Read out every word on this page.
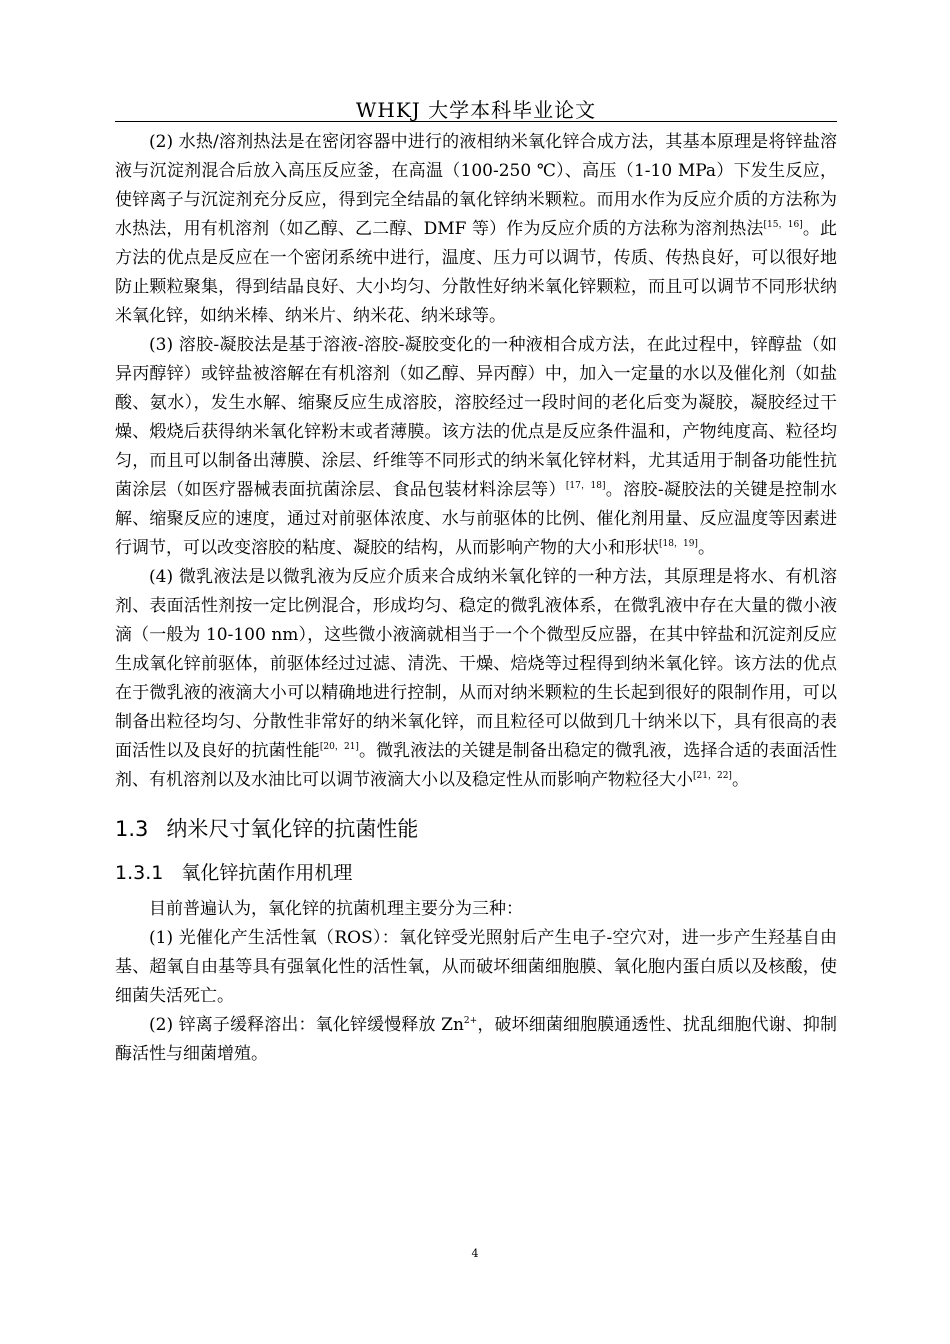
WHKJ 大学本科毕业论文

(2) 水热/溶剂热法是在密闭容器中进行的液相纳米氧化锌合成方法，其基本原理是将锌盐溶液与沉淀剂混合后放入高压反应釜，在高温（100-250 ℃）、高压（1-10 MPa）下发生反应，使锌离子与沉淀剂充分反应，得到完全结晶的氧化锌纳米颗粒。而用水作为反应介质的方法称为水热法，用有机溶剂（如乙醇、乙二醇、DMF 等）作为反应介质的方法称为溶剂热法[15，16]。此方法的优点是反应在一个密闭系统中进行，温度、压力可以调节，传质、传热良好，可以很好地防止颗粒聚集，得到结晶良好、大小均匀、分散性好纳米氧化锌颗粒，而且可以调节不同形状纳米氧化锌，如纳米棒、纳米片、纳米花、纳米球等。

(3) 溶胶-凝胶法是基于溶液-溶胶-凝胶变化的一种液相合成方法，在此过程中，锌醇盐（如异丙醇锌）或锌盐被溶解在有机溶剂（如乙醇、异丙醇）中，加入一定量的水以及催化剂（如盐酸、氨水），发生水解、缩聚反应生成溶胶，溶胶经过一段时间的老化后变为凝胶，凝胶经过干燥、煅烧后获得纳米氧化锌粉末或者薄膜。该方法的优点是反应条件温和，产物纯度高、粒径均匀，而且可以制备出薄膜、涂层、纤维等不同形式的纳米氧化锌材料，尤其适用于制备功能性抗菌涂层（如医疗器械表面抗菌涂层、食品包装材料涂层等）[17，18]。溶胶-凝胶法的关键是控制水解、缩聚反应的速度，通过对前驱体浓度、水与前驱体的比例、催化剂用量、反应温度等因素进行调节，可以改变溶胶的粘度、凝胶的结构，从而影响产物的大小和形状[18，19]。

(4) 微乳液法是以微乳液为反应介质来合成纳米氧化锌的一种方法，其原理是将水、有机溶剂、表面活性剂按一定比例混合，形成均匀、稳定的微乳液体系，在微乳液中存在大量的微小液滴（一般为 10-100 nm），这些微小液滴就相当于一个个微型反应器，在其中锌盐和沉淀剂反应生成氧化锌前驱体，前驱体经过过滤、清洗、干燥、焙烧等过程得到纳米氧化锌。该方法的优点在于微乳液的液滴大小可以精确地进行控制，从而对纳米颗粒的生长起到很好的限制作用，可以制备出粒径均匀、分散性非常好的纳米氧化锌，而且粒径可以做到几十纳米以下，具有很高的表面活性以及良好的抗菌性能[20，21]。微乳液法的关键是制备出稳定的微乳液，选择合适的表面活性剂、有机溶剂以及水油比可以调节液滴大小以及稳定性从而影响产物粒径大小[21，22]。

1.3 纳米尺寸氧化锌的抗菌性能
1.3.1 氧化锌抗菌作用机理

目前普遍认为，氧化锌的抗菌机理主要分为三种：

(1) 光催化产生活性氧（ROS）：氧化锌受光照射后产生电子-空穴对，进一步产生羟基自由基、超氧自由基等具有强氧化性的活性氧，从而破坏细菌细胞膜、氧化胞内蛋白质以及核酸，使细菌失活死亡。

(2) 锌离子缓释溶出：氧化锌缓慢释放 $Zn^{2+}$，破坏细菌细胞膜通透性、扰乱细胞代谢、抑制酶活性与细菌增殖。

4
